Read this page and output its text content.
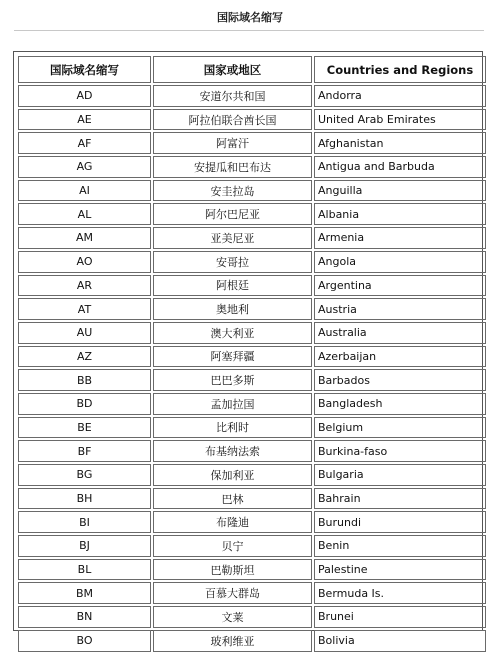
国际域名缩写
国际域名缩写	国家或地区	Countries and Regions
AD	安道尔共和国	Andorra
AE	阿拉伯联合酋长国	United Arab Emirates
AF	阿富汗	Afghanistan
AG	安提瓜和巴布达	Antigua and Barbuda
AI	安圭拉岛	Anguilla
AL	阿尔巴尼亚	Albania
AM	亚美尼亚	Armenia
AO	安哥拉	Angola
AR	阿根廷	Argentina
AT	奥地利	Austria
AU	澳大利亚	Australia
AZ	阿塞拜疆	Azerbaijan
BB	巴巴多斯	Barbados
BD	孟加拉国	Bangladesh
BE	比利时	Belgium
BF	布基纳法索	Burkina-faso
BG	保加利亚	Bulgaria
BH	巴林	Bahrain
BI	布隆迪	Burundi
BJ	贝宁	Benin
BL	巴勒斯坦	Palestine
BM	百慕大群岛	Bermuda Is.
BN	文莱	Brunei
BO	玻利维亚	Bolivia
